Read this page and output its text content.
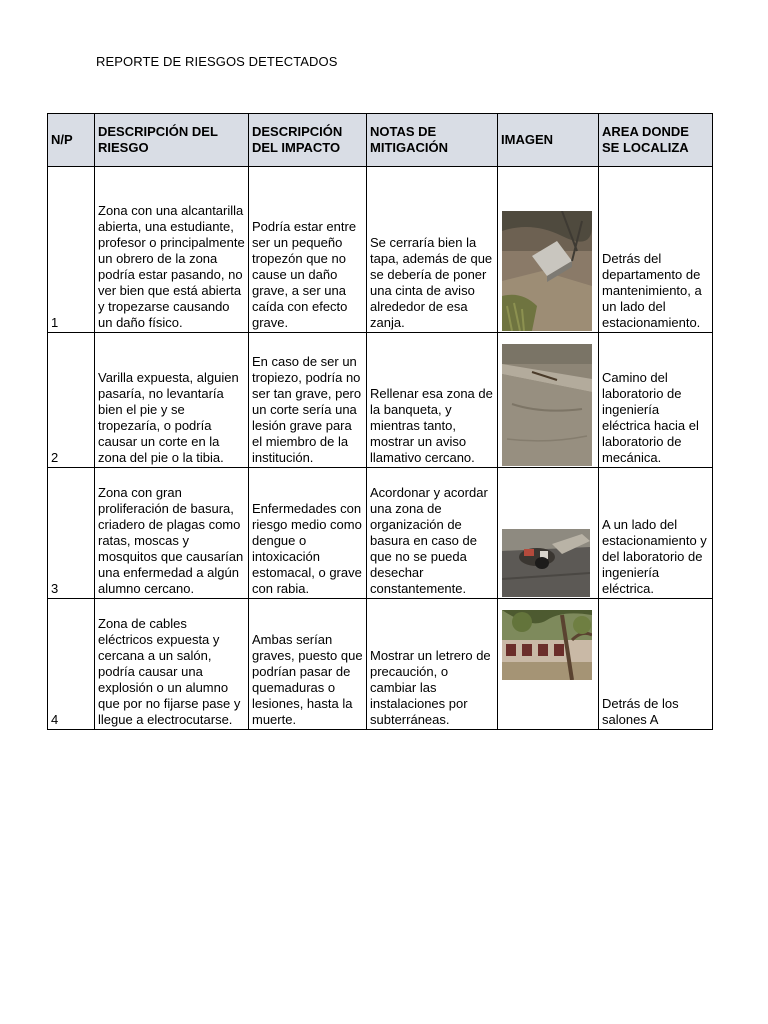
REPORTE DE RIESGOS DETECTADOS
N/P	DESCRIPCIÓN DEL RIESGO	DESCRIPCIÓN DEL IMPACTO	NOTAS DE MITIGACIÓN	IMAGEN	AREA DONDE SE LOCALIZA
1	Zona con una alcantarilla abierta, una estudiante, profesor o principalmente un obrero de la zona podría estar pasando, no ver bien que está abierta y tropezarse causando un daño físico.	Podría estar entre ser un pequeño tropezón que no cause un daño grave, a ser una caída con efecto grave.	Se cerraría bien la tapa, además de que se debería de poner una cinta de aviso alrededor de esa zanja.		Detrás del departamento de mantenimiento, a un lado del estacionamiento.
2	Varilla expuesta, alguien pasaría, no levantaría bien el pie y se tropezaría, o podría causar un corte en la zona del pie o la tibia.	En caso de ser un tropiezo, podría no ser tan grave, pero un corte sería una lesión grave para el miembro de la institución.	Rellenar esa zona de la banqueta, y mientras tanto, mostrar un aviso llamativo cercano.		Camino del laboratorio de ingeniería eléctrica hacia el laboratorio de mecánica.
3	Zona con gran proliferación de basura, criadero de plagas como ratas, moscas y mosquitos que causarían una enfermedad a algún alumno cercano.	Enfermedades con riesgo medio como dengue o intoxicación estomacal, o grave con rabia.	Acordonar y acordar una zona de organización de basura en caso de que no se pueda desechar constantemente.		A un lado del estacionamiento y del laboratorio de ingeniería eléctrica.
4	Zona de cables eléctricos expuesta y cercana a un salón, podría causar una explosión o un alumno que por no fijarse pase y llegue a electrocutarse.	Ambas serían graves, puesto que podrían pasar de quemaduras o lesiones, hasta la muerte.	Mostrar un letrero de precaución, o cambiar las instalaciones por subterráneas.		Detrás de los salones A
